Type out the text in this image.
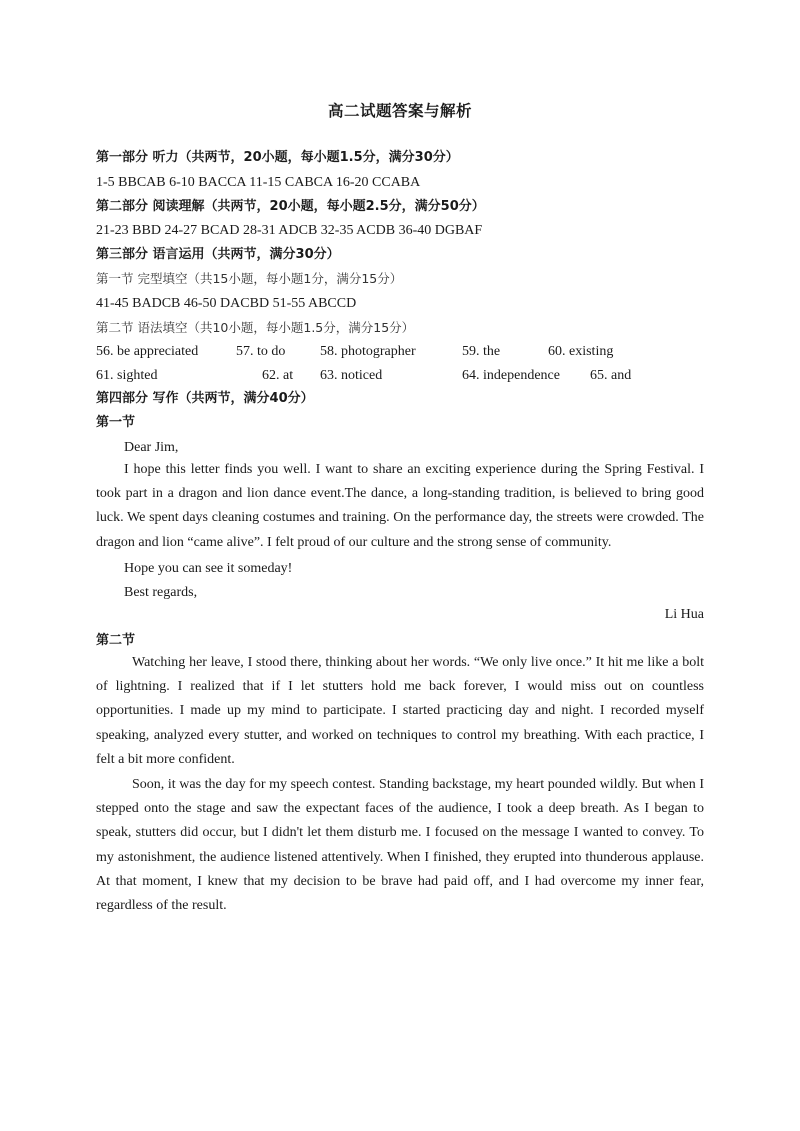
高二试题答案与解析
第一部分 听力（共两节，20小题，每小题1.5分，满分30分）
1-5 BBCAB 6-10 BACCA 11-15 CABCA 16-20 CCABA
第二部分 阅读理解（共两节，20小题，每小题2.5分，满分50分）
21-23 BBD 24-27 BCAD 28-31 ADCB 32-35 ACDB 36-40 DGBAF
第三部分 语言运用（共两节，满分30分）
第一节 完型填空（共15小题，每小题1分，满分15分）
41-45 BADCB 46-50 DACBD 51-55 ABCCD
第二节 语法填空（共10小题，每小题1.5分，满分15分）
56. be appreciated	57. to do 58. photographer	59. the	60. existing
61. sighted	62. at 63. noticed	64. independence 65. and
第四部分 写作（共两节，满分40分）
第一节
Dear Jim,
I hope this letter finds you well. I want to share an exciting experience during the Spring Festival. I took part in a dragon and lion dance event.The dance, a long-standing tradition, is believed to bring good luck. We spent days cleaning costumes and training. On the performance day, the streets were crowded. The dragon and lion “came alive”. I felt proud of our culture and the strong sense of community.
Hope you can see it someday!
Best regards,
Li Hua
第二节
Watching her leave, I stood there, thinking about her words. “We only live once.” It hit me like a bolt of lightning. I realized that if I let stutters hold me back forever, I would miss out on countless opportunities. I made up my mind to participate. I started practicing day and night. I recorded myself speaking, analyzed every stutter, and worked on techniques to control my breathing. With each practice, I felt a bit more confident.
Soon, it was the day for my speech contest. Standing backstage, my heart pounded wildly. But when I stepped onto the stage and saw the expectant faces of the audience, I took a deep breath. As I began to speak, stutters did occur, but I didn't let them disturb me. I focused on the message I wanted to convey. To my astonishment, the audience listened attentively. When I finished, they erupted into thunderous applause. At that moment, I knew that my decision to be brave had paid off, and I had overcome my inner fear, regardless of the result.
